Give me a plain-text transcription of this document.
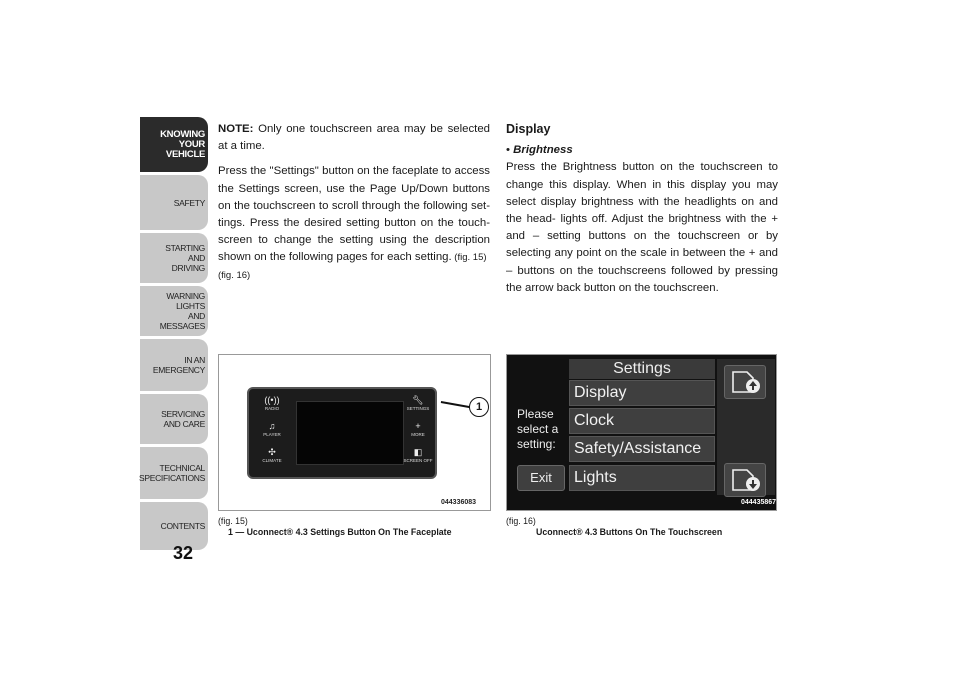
KNOWING
YOUR
VEHICLE
SAFETY
STARTING
AND
DRIVING
WARNING
LIGHTS
AND
MESSAGES
IN AN
EMERGENCY
SERVICING
AND CARE
TECHNICAL
SPECIFICATIONS
CONTENTS
32

NOTE: Only one touchscreen area may be selected at a time.

Press the "Settings" button on the faceplate to access the Settings screen, use the Page Up/Down buttons on the touchscreen to scroll through the following set- tings. Press the desired setting button on the touch- screen to change the setting using the description shown on the following pages for each setting. (fig. 15)
(fig. 16)

Display
• Brightness

Press the Brightness button on the touchscreen to change this display. When in this display you may select display brightness with the headlights on and the head- lights off. Adjust the brightness with the + and – setting buttons on the touchscreen or by selecting any point on the scale in between the + and – buttons on the touchscreens followed by pressing the arrow back button on the touchscreen.

((•))
RADIO
♫
PLAYER
✣
CLIMATE
🔧︎
SETTINGS
+
MORE
◧
SCREEN OFF
1
044336083
(fig. 15)
1 — Uconnect® 4.3 Settings Button On The Faceplate
Settings
Please select a setting:
Display
Clock
Safety/Assistance
Lights
Exit
044435867
(fig. 16)
Uconnect® 4.3 Buttons On The Touchscreen
